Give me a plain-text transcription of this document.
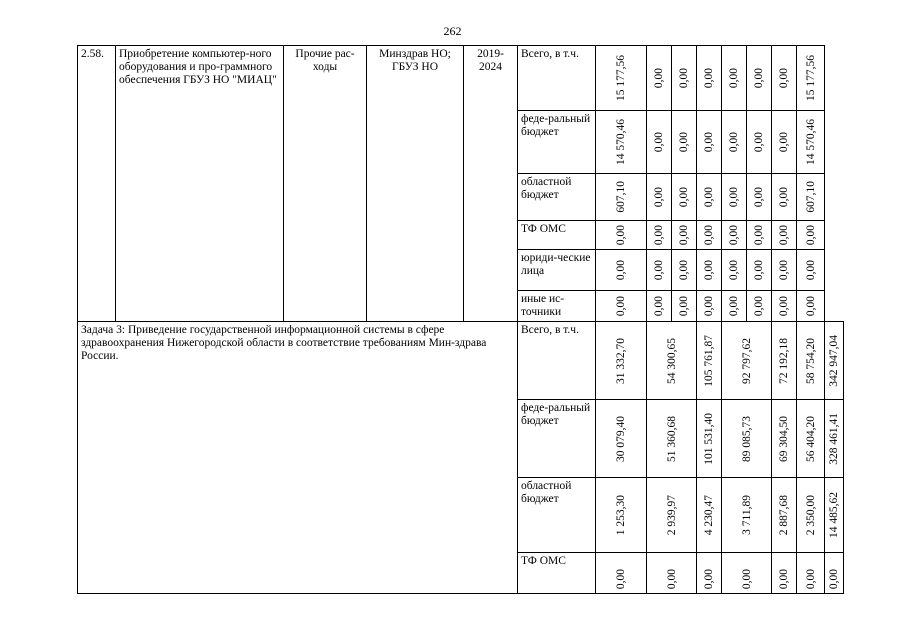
262
2.58.	Приобретение компьютер-ного оборудования и про-граммного обеспечения ГБУЗ НО "МИАЦ"	Прочие рас-ходы	Минздрав НО; ГБУЗ НО	2019-2024	Всего, в т.ч.	15 177,56	0,00	0,00	0,00	0,00	0,00	0,00	15 177,56	

					феде-ральный бюджет	14 570,46	0,00	0,00	0,00	0,00	0,00	0,00	14 570,46	

					областной бюджет	607,10	0,00	0,00	0,00	0,00	0,00	0,00	607,10	

					ТФ ОМС	0,00	0,00	0,00	0,00	0,00	0,00	0,00	0,00	

					юриди-ческие лица	0,00	0,00	0,00	0,00	0,00	0,00	0,00	0,00	

					иные ис-точники	0,00	0,00	0,00	0,00	0,00	0,00	0,00	0,00	

Задача 3: Приведение государственной информационной системы в сфере здравоохранения Нижегородской области в соответствие требованиям Мин-здрава России.					Всего, в т.ч.	31 332,70	54 300,65		105 761,87	92 797,62		72 192,18	58 754,20	342 947,04

					феде-ральный бюджет	30 079,40	51 360,68		101 531,40	89 085,73		69 304,50	56 404,20	328 461,41

					областной бюджет	1 253,30	2 939,97		4 230,47	3 711,89		2 887,68	2 350,00	14 485,62

					ТФ ОМС	0,00	0,00		0,00	0,00		0,00	0,00	0,00
